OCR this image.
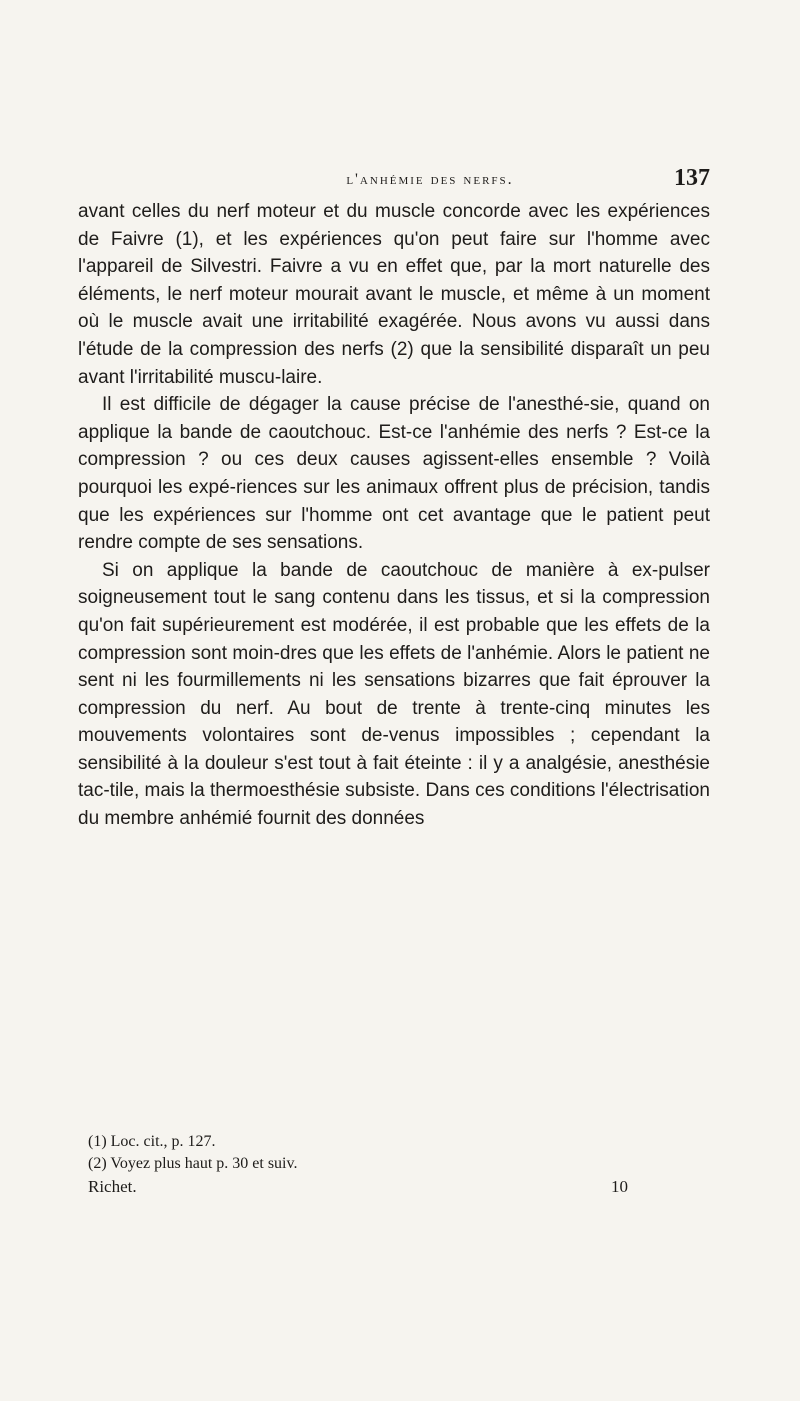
l'anhémie des nerfs.	137

avant celles du nerf moteur et du muscle concorde avec les expériences de Faivre (1), et les expériences qu'on peut faire sur l'homme avec l'appareil de Silvestri. Faivre a vu en effet que, par la mort naturelle des éléments, le nerf moteur mourait avant le muscle, et même à un moment où le muscle avait une irritabilité exagérée. Nous avons vu aussi dans l'étude de la compression des nerfs (2) que la sensibilité disparaît un peu avant l'irritabilité muscu-laire.

Il est difficile de dégager la cause précise de l'anesthé-sie, quand on applique la bande de caoutchouc. Est-ce l'anhémie des nerfs ? Est-ce la compression ? ou ces deux causes agissent-elles ensemble ? Voilà pourquoi les expé-riences sur les animaux offrent plus de précision, tandis que les expériences sur l'homme ont cet avantage que le patient peut rendre compte de ses sensations.

Si on applique la bande de caoutchouc de manière à ex-pulser soigneusement tout le sang contenu dans les tissus, et si la compression qu'on fait supérieurement est modérée, il est probable que les effets de la compression sont moin-dres que les effets de l'anhémie. Alors le patient ne sent ni les fourmillements ni les sensations bizarres que fait éprouver la compression du nerf. Au bout de trente à trente-cinq minutes les mouvements volontaires sont de-venus impossibles ; cependant la sensibilité à la douleur s'est tout à fait éteinte : il y a analgésie, anesthésie tac-tile, mais la thermoesthésie subsiste. Dans ces conditions l'électrisation du membre anhémié fournit des données

(1) Loc. cit., p. 127.

(2) Voyez plus haut p. 30 et suiv.

Richet.	10
